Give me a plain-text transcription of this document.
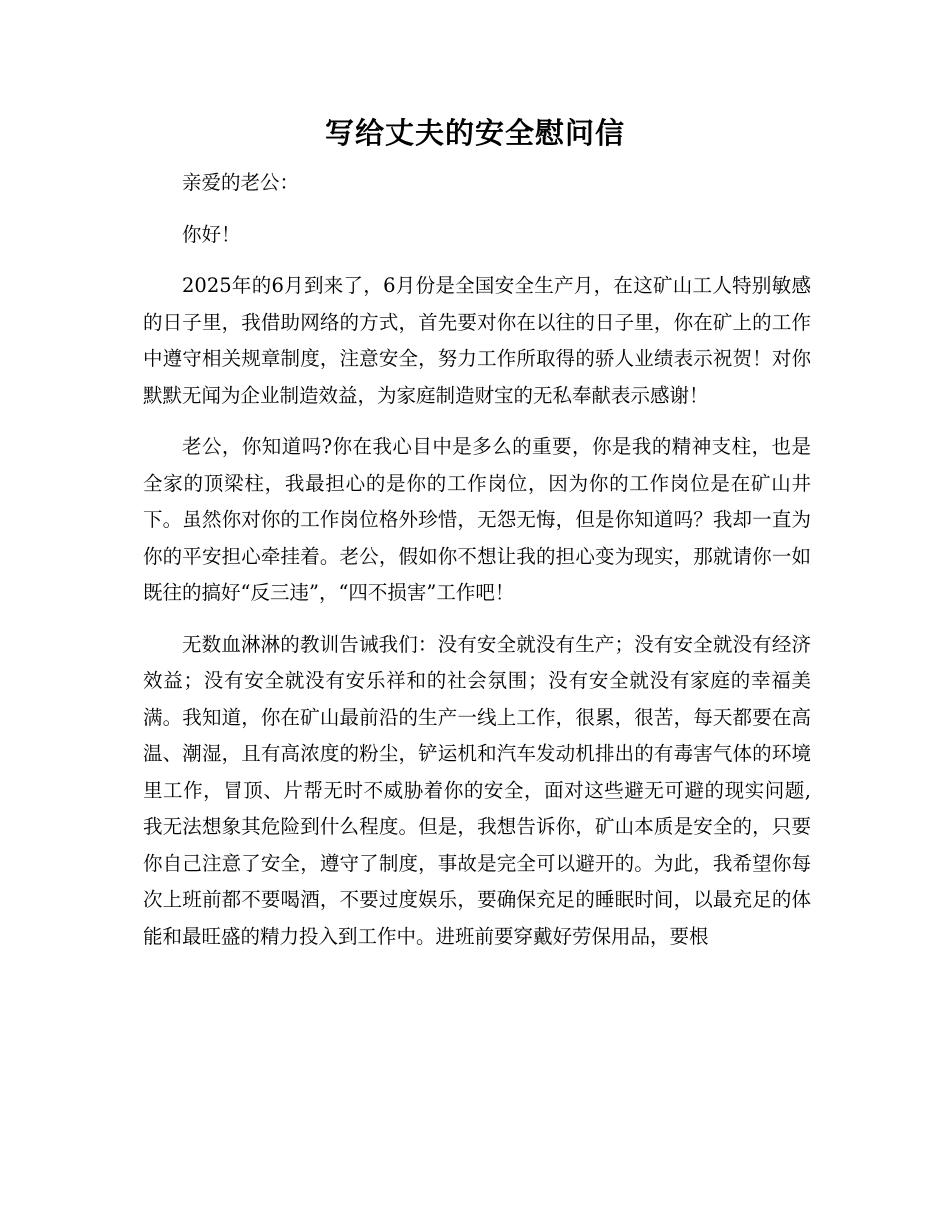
写给丈夫的安全慰问信

亲爱的老公：

你好！

2025年的6月到来了，6月份是全国安全生产月，在这矿山工人特别敏感的日子里，我借助网络的方式，首先要对你在以往的日子里，你在矿上的工作中遵守相关规章制度，注意安全，努力工作所取得的骄人业绩表示祝贺！对你默默无闻为企业制造效益，为家庭制造财宝的无私奉献表示感谢！

老公，你知道吗?你在我心目中是多么的重要，你是我的精神支柱，也是全家的顶梁柱，我最担心的是你的工作岗位，因为你的工作岗位是在矿山井下。虽然你对你的工作岗位格外珍惜，无怨无悔，但是你知道吗？我却一直为你的平安担心牵挂着。老公，假如你不想让我的担心变为现实，那就请你一如既往的搞好“反三违”，“四不损害”工作吧！

无数血淋淋的教训告诫我们：没有安全就没有生产；没有安全就没有经济效益；没有安全就没有安乐祥和的社会氛围；没有安全就没有家庭的幸福美满。我知道，你在矿山最前沿的生产一线上工作，很累，很苦，每天都要在高温、潮湿，且有高浓度的粉尘，铲运机和汽车发动机排出的有毒害气体的环境里工作，冒顶、片帮无时不威胁着你的安全，面对这些避无可避的现实问题,我无法想象其危险到什么程度。但是，我想告诉你，矿山本质是安全的，只要你自己注意了安全，遵守了制度，事故是完全可以避开的。为此，我希望你每次上班前都不要喝酒，不要过度娱乐，要确保充足的睡眠时间，以最充足的体能和最旺盛的精力投入到工作中。进班前要穿戴好劳保用品，要根
